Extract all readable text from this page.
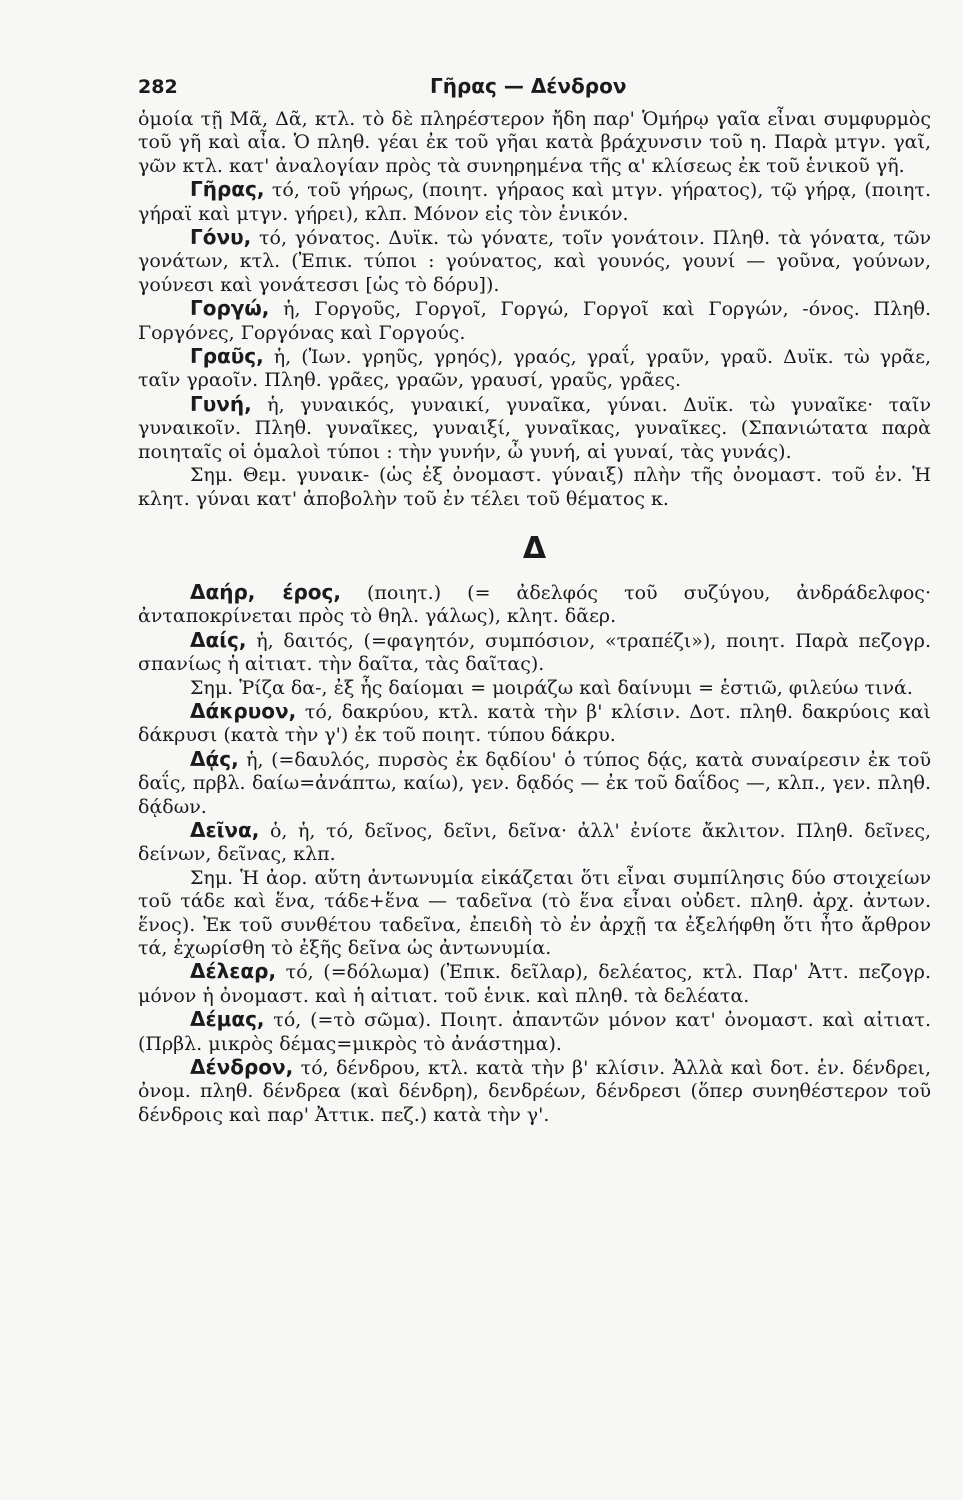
282	Γῆρας — Δένδρον

ὁμοία τῇ Μᾶ, Δᾶ, κτλ. τὸ δὲ πληρέστερον ἤδη παρ' Ὁμήρῳ γαῖα εἶναι συμφυρμὸς τοῦ γῆ καὶ αἶα. Ὁ πληθ. γέαι ἐκ τοῦ γῆαι κατὰ βράχυνσιν τοῦ η. Παρὰ μτγν. γαῖ, γῶν κτλ. κατ' ἀναλογίαν πρὸς τὰ συνηρημένα τῆς α' κλίσεως ἐκ τοῦ ἑνικοῦ γῆ.

Γῆρας, τό, τοῦ γήρως, (ποιητ. γήραος καὶ μτγν. γήρατος), τῷ γήρᾳ, (ποιητ. γήραϊ καὶ μτγν. γήρει), κλπ. Μόνον εἰς τὸν ἑνικόν.

Γόνυ, τό, γόνατος. Δυϊκ. τὼ γόνατε, τοῖν γονάτοιν. Πληθ. τὰ γόνατα, τῶν γονάτων, κτλ. (Ἐπικ. τύποι : γούνατος, καὶ γουνός, γουνί — γοῦνα, γούνων, γούνεσι καὶ γονάτεσσι [ὡς τὸ δόρυ]).

Γοργώ, ἡ, Γοργοῦς, Γοργοῖ, Γοργώ, Γοργοῖ καὶ Γοργών, -όνος. Πληθ. Γοργόνες, Γοργόνας καὶ Γοργούς.

Γραῦς, ἡ, (Ἰων. γρηῦς, γρηός), γραός, γραΐ, γραῦν, γραῦ. Δυϊκ. τὼ γρᾶε, ταῖν γραοῖν. Πληθ. γρᾶες, γραῶν, γραυσί, γραῦς, γρᾶες.

Γυνή, ἡ, γυναικός, γυναικί, γυναῖκα, γύναι. Δυϊκ. τὼ γυναῖκε· ταῖν γυναικοῖν. Πληθ. γυναῖκες, γυναιξί, γυναῖκας, γυναῖκες. (Σπανιώτατα παρὰ ποιηταῖς οἱ ὁμαλοὶ τύποι : τὴν γυνήν, ὦ γυνή, αἱ γυναί, τὰς γυνάς).

Σημ. Θεμ. γυναικ- (ὡς ἐξ ὀνομαστ. γύναιξ) πλὴν τῆς ὀνομαστ. τοῦ ἑν. Ἡ κλητ. γύναι κατ' ἀποβολὴν τοῦ ἐν τέλει τοῦ θέματος κ.

Δ

Δαήρ, έρος, (ποιητ.) (= ἀδελφός τοῦ συζύγου, ἀνδράδελφος· ἀνταποκρίνεται πρὸς τὸ θηλ. γάλως), κλητ. δᾶερ.

Δαίς, ἡ, δαιτός, (=φαγητόν, συμπόσιον, «τραπέζι»), ποιητ. Παρὰ πεζογρ. σπανίως ἡ αἰτιατ. τὴν δαῖτα, τὰς δαῖτας).

Σημ. Ῥίζα δα-, ἐξ ἧς δαίομαι = μοιράζω καὶ δαίνυμι = ἑστιῶ, φιλεύω τινά.

Δάκρυον, τό, δακρύου, κτλ. κατὰ τὴν β' κλίσιν. Δοτ. πληθ. δακρύοις καὶ δάκρυσι (κατὰ τὴν γ') ἐκ τοῦ ποιητ. τύπου δάκρυ.

Δᾴς, ἡ, (=δαυλός, πυρσὸς ἐκ δᾳδίου' ὁ τύπος δᾴς, κατὰ συναίρεσιν ἐκ τοῦ δαΐς, πρβλ. δαίω=ἀνάπτω, καίω), γεν. δᾳδός — ἐκ τοῦ δαΐδος —, κλπ., γεν. πληθ. δᾴδων.

Δεῖνα, ὁ, ἡ, τό, δεῖνος, δεῖνι, δεῖνα· ἀλλ' ἐνίοτε ἄκλιτον. Πληθ. δεῖνες, δείνων, δεῖνας, κλπ.

Σημ. Ἡ ἀορ. αὕτη ἀντωνυμία εἰκάζεται ὅτι εἶναι συμπίλησις δύο στοιχείων τοῦ τάδε καὶ ἕνα, τάδε+ἕνα — ταδεῖνα (τὸ ἕνα εἶναι οὐδετ. πληθ. ἀρχ. ἀντων. ἕνος). Ἐκ τοῦ συνθέτου ταδεῖνα, ἐπειδὴ τὸ ἐν ἀρχῇ τα ἐξελήφθη ὅτι ἦτο ἄρθρον τά, ἐχωρίσθη τὸ ἐξῆς δεῖνα ὡς ἀντωνυμία.

Δέλεαρ, τό, (=δόλωμα) (Ἐπικ. δεῖλαρ), δελέατος, κτλ. Παρ' Ἀττ. πεζογρ. μόνον ἡ ὀνομαστ. καὶ ἡ αἰτιατ. τοῦ ἑνικ. καὶ πληθ. τὰ δελέατα.

Δέμας, τό, (=τὸ σῶμα). Ποιητ. ἀπαντῶν μόνον κατ' ὀνομαστ. καὶ αἰτιατ. (Πρβλ. μικρὸς δέμας=μικρὸς τὸ ἀνάστημα).

Δένδρον, τό, δένδρου, κτλ. κατὰ τὴν β' κλίσιν. Ἀλλὰ καὶ δοτ. ἑν. δένδρει, ὀνομ. πληθ. δένδρεα (καὶ δένδρη), δενδρέων, δένδρεσι (ὅπερ συνηθέστερον τοῦ δένδροις καὶ παρ' Ἀττικ. πεζ.) κατὰ τὴν γ'.
